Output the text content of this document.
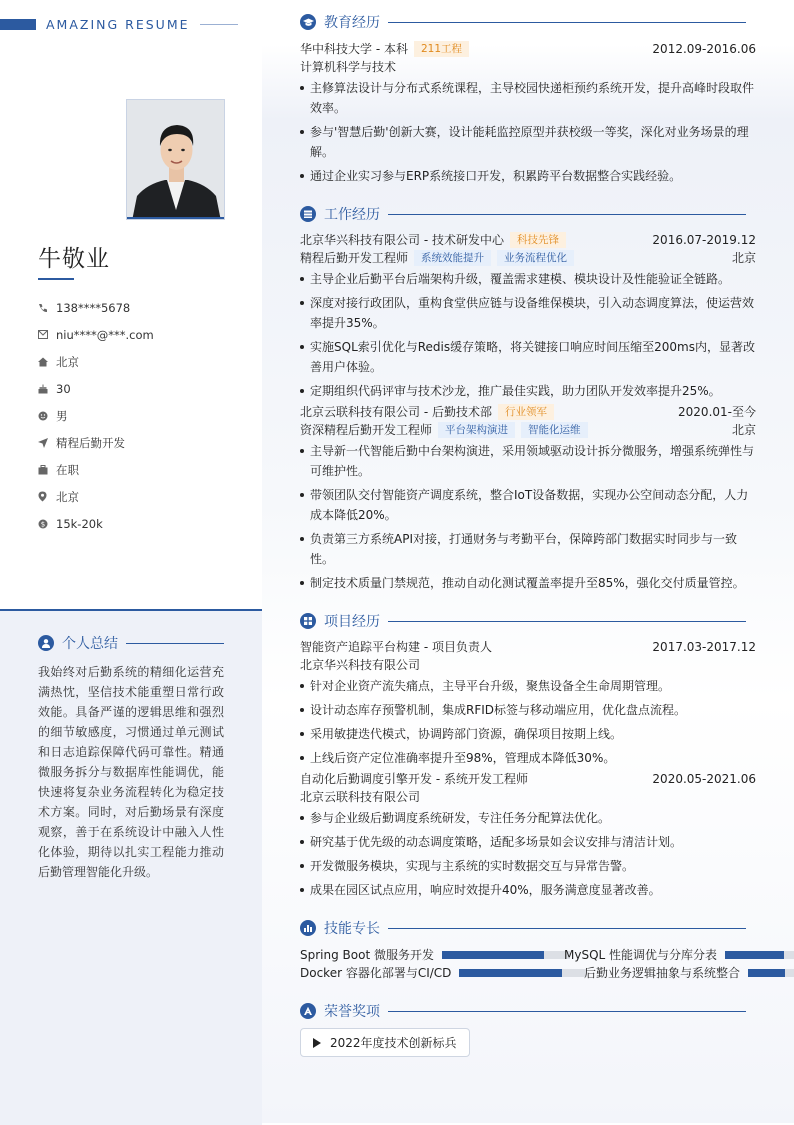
AMAZING RESUME
牛敬业
138****5678
niu****@***.com
北京
30
男
精程后勤开发
在职
北京
$ 15k-20k
个人总结
我始终对后勤系统的精细化运营充满热忱，坚信技术能重塑日常行政效能。具备严谨的逻辑思维和强烈的细节敏感度，习惯通过单元测试和日志追踪保障代码可靠性。精通微服务拆分与数据库性能调优，能快速将复杂业务流程转化为稳定技术方案。同时，对后勤场景有深度观察，善于在系统设计中融入人性化体验，期待以扎实工程能力推动后勤管理智能化升级。
教育经历
华中科技大学 - 本科	211工程	2012.09-2016.06
计算机科学与技术
主修算法设计与分布式系统课程，主导校园快递柜预约系统开发，提升高峰时段取件效率。
参与'智慧后勤'创新大赛，设计能耗监控原型并获校级一等奖，深化对业务场景的理解。
通过企业实习参与ERP系统接口开发，积累跨平台数据整合实践经验。
工作经历
北京华兴科技有限公司 - 技术研发中心	科技先锋	2016.07-2019.12
精程后勤开发工程师	系统效能提升	业务流程优化	北京
主导企业后勤平台后端架构升级，覆盖需求建模、模块设计及性能验证全链路。
深度对接行政团队，重构食堂供应链与设备维保模块，引入动态调度算法，使运营效率提升35%。
实施SQL索引优化与Redis缓存策略，将关键接口响应时间压缩至200ms内，显著改善用户体验。
定期组织代码评审与技术沙龙，推广最佳实践，助力团队开发效率提升25%。
北京云联科技有限公司 - 后勤技术部	行业领军	2020.01-至今
资深精程后勤开发工程师	平台架构演进	智能化运维	北京
主导新一代智能后勤中台架构演进，采用领域驱动设计拆分微服务，增强系统弹性与可维护性。
带领团队交付智能资产调度系统，整合IoT设备数据，实现办公空间动态分配，人力成本降低20%。
负责第三方系统API对接，打通财务与考勤平台，保障跨部门数据实时同步与一致性。
制定技术质量门禁规范，推动自动化测试覆盖率提升至85%，强化交付质量管控。
项目经历
智能资产追踪平台构建 - 项目负责人	2017.03-2017.12
北京华兴科技有限公司
针对企业资产流失痛点，主导平台升级，聚焦设备全生命周期管理。
设计动态库存预警机制，集成RFID标签与移动端应用，优化盘点流程。
采用敏捷迭代模式，协调跨部门资源，确保项目按期上线。
上线后资产定位准确率提升至98%，管理成本降低30%。
自动化后勤调度引擎开发 - 系统开发工程师	2020.05-2021.06
北京云联科技有限公司
参与企业级后勤调度系统研发，专注任务分配算法优化。
研究基于优先级的动态调度策略，适配多场景如会议安排与清洁计划。
开发微服务模块，实现与主系统的实时数据交互与异常告警。
成果在园区试点应用，响应时效提升40%，服务满意度显著改善。
技能专长
Spring Boot 微服务开发	MySQL 性能调优与分库分表
Docker 容器化部署与CI/CD	后勤业务逻辑抽象与系统整合
荣誉奖项
2022年度技术创新标兵
